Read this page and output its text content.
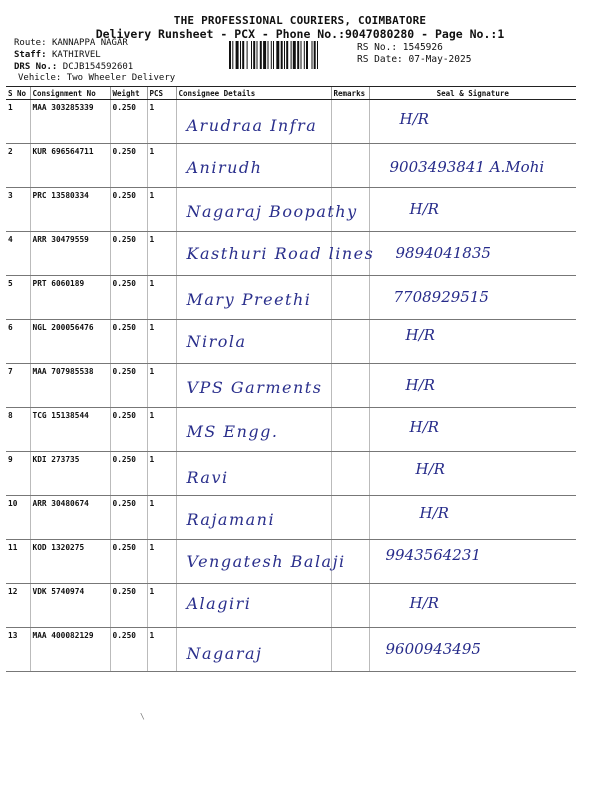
THE PROFESSIONAL COURIERS, COIMBATORE
Delivery Runsheet - PCX - Phone No.:9047080280 - Page No.:1
Route: KANNAPPA NAGAR
Staff: KATHIRVEL
DRS No.: DCJB154592601
Vehicle: Two Wheeler Delivery
RS No.: 1545926
RS Date: 07-May-2025
S No	Consignment No	Weight	PCS	Consignee Details	Remarks	Seal & Signature
1	MAA 303285339	0.250	1	Arudraa Infra		H/R

2	KUR 696564711	0.250	1	Anirudh		9003493841 A.Mohi

3	PRC 13580334	0.250	1	Nagaraj Boopathy		H/R

4	ARR 30479559	0.250	1	Kasthuri Road lines		9894041835

5	PRT 6060189	0.250	1	Mary Preethi		7708929515

6	NGL 200056476	0.250	1	Nirola		H/R

7	MAA 707985538	0.250	1	VPS Garments		H/R

8	TCG 15138544	0.250	1	MS Engg.		H/R

9	KDI 273735	0.250	1	Ravi		H/R

10	ARR 30480674	0.250	1	Rajamani		H/R

11	KOD 1320275	0.250	1	Vengatesh Balaji		9943564231

12	VDK 5740974	0.250	1	Alagiri		H/R

13	MAA 400082129	0.250	1	Nagaraj		9600943495
\
